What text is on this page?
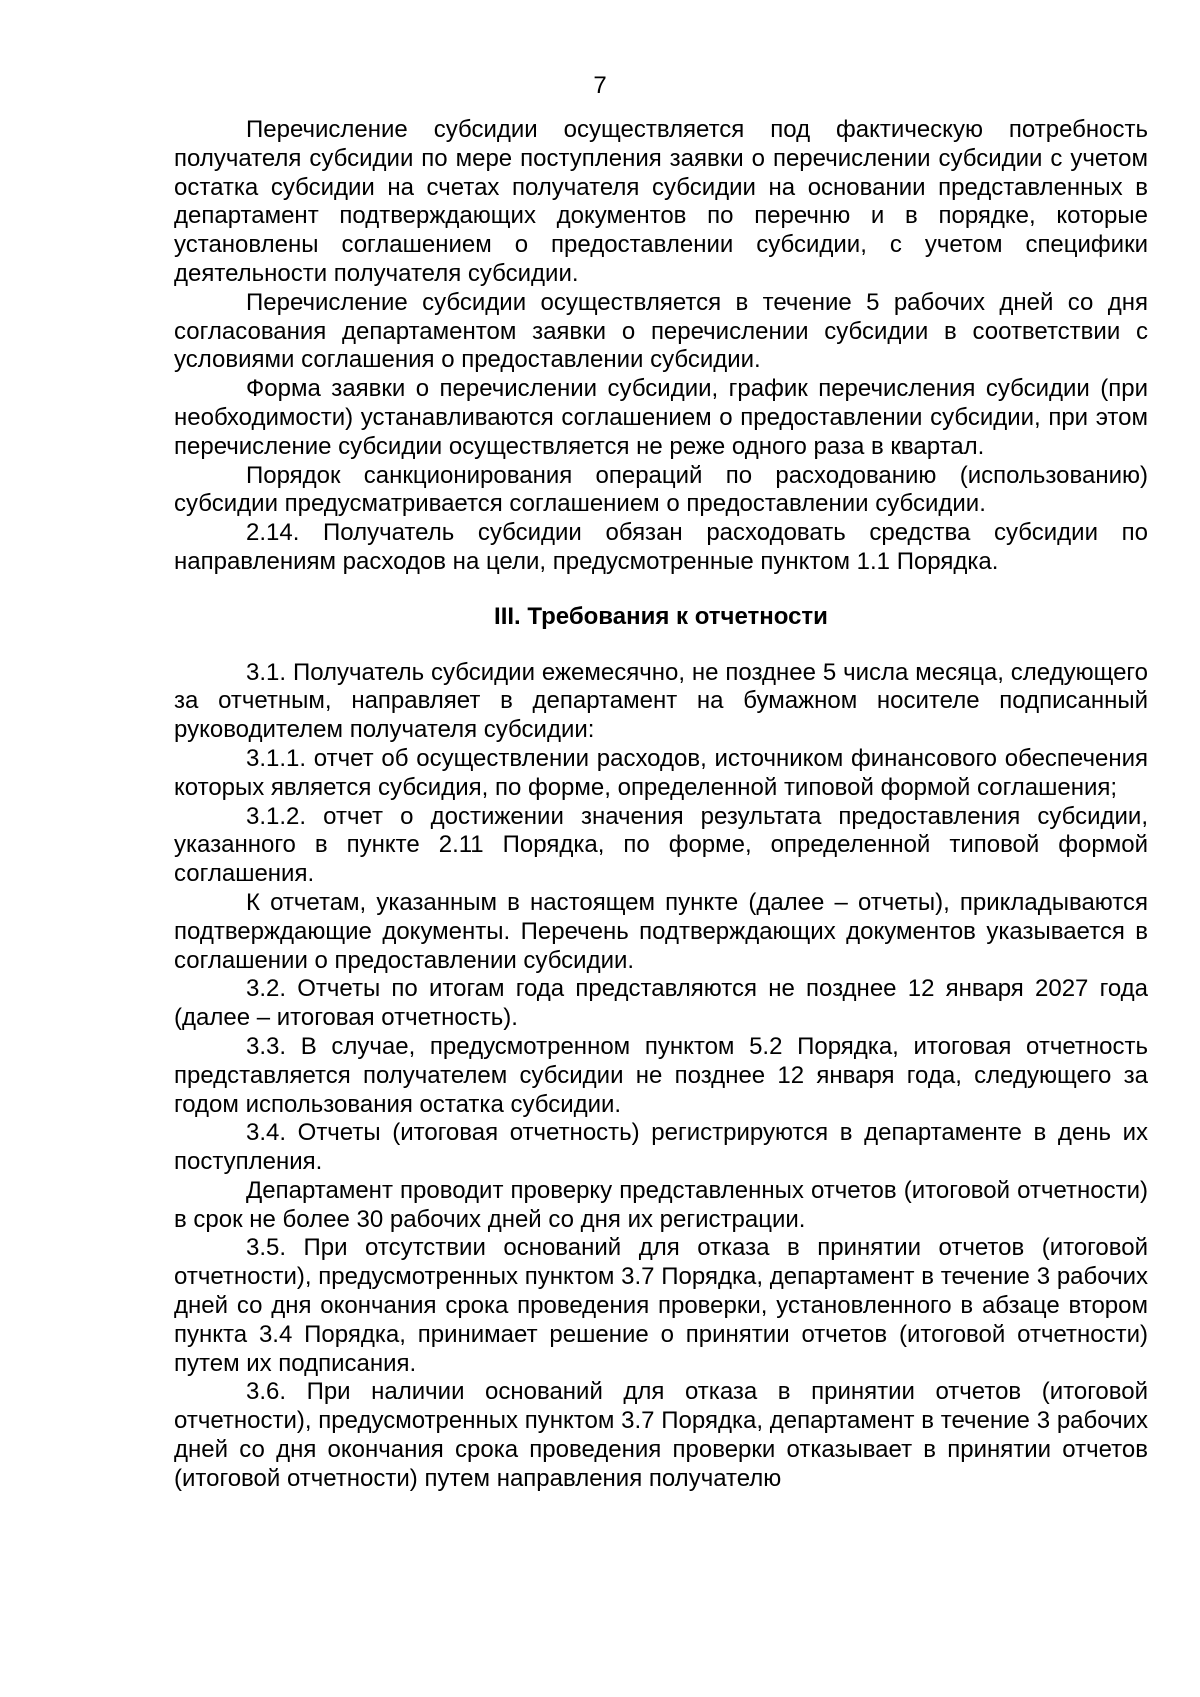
7

Перечисление субсидии осуществляется под фактическую потребность получателя субсидии по мере поступления заявки о перечислении субсидии с учетом остатка субсидии на счетах получателя субсидии на основании представленных в департамент подтверждающих документов по перечню и в порядке, которые установлены соглашением о предоставлении субсидии, с учетом специфики деятельности получателя субсидии.

Перечисление субсидии осуществляется в течение 5 рабочих дней со дня согласования департаментом заявки о перечислении субсидии в соответствии с условиями соглашения о предоставлении субсидии.

Форма заявки о перечислении субсидии, график перечисления субсидии (при необходимости) устанавливаются соглашением о предоставлении субсидии, при этом перечисление субсидии осуществляется не реже одного раза в квартал.

Порядок санкционирования операций по расходованию (использованию) субсидии предусматривается соглашением о предоставлении субсидии.

2.14. Получатель субсидии обязан расходовать средства субсидии по направлениям расходов на цели, предусмотренные пунктом 1.1 Порядка.

III. Требования к отчетности

3.1. Получатель субсидии ежемесячно, не позднее 5 числа месяца, следующего за отчетным, направляет в департамент на бумажном носителе подписанный руководителем получателя субсидии:

3.1.1. отчет об осуществлении расходов, источником финансового обеспечения которых является субсидия, по форме, определенной типовой формой соглашения;

3.1.2. отчет о достижении значения результата предоставления субсидии, указанного в пункте 2.11 Порядка, по форме, определенной типовой формой соглашения.

К отчетам, указанным в настоящем пункте (далее – отчеты), прикладываются подтверждающие документы. Перечень подтверждающих документов указывается в соглашении о предоставлении субсидии.

3.2. Отчеты по итогам года представляются не позднее 12 января 2027 года (далее – итоговая отчетность).

3.3. В случае, предусмотренном пунктом 5.2 Порядка, итоговая отчетность представляется получателем субсидии не позднее 12 января года, следующего за годом использования остатка субсидии.

3.4. Отчеты (итоговая отчетность) регистрируются в департаменте в день их поступления.

Департамент проводит проверку представленных отчетов (итоговой отчетности) в срок не более 30 рабочих дней со дня их регистрации.

3.5. При отсутствии оснований для отказа в принятии отчетов (итоговой отчетности), предусмотренных пунктом 3.7 Порядка, департамент в течение 3 рабочих дней со дня окончания срока проведения проверки, установленного в абзаце втором пункта 3.4 Порядка, принимает решение о принятии отчетов (итоговой отчетности) путем их подписания.

3.6. При наличии оснований для отказа в принятии отчетов (итоговой отчетности), предусмотренных пунктом 3.7 Порядка, департамент в течение 3 рабочих дней со дня окончания срока проведения проверки отказывает в принятии отчетов (итоговой отчетности) путем направления получателю
